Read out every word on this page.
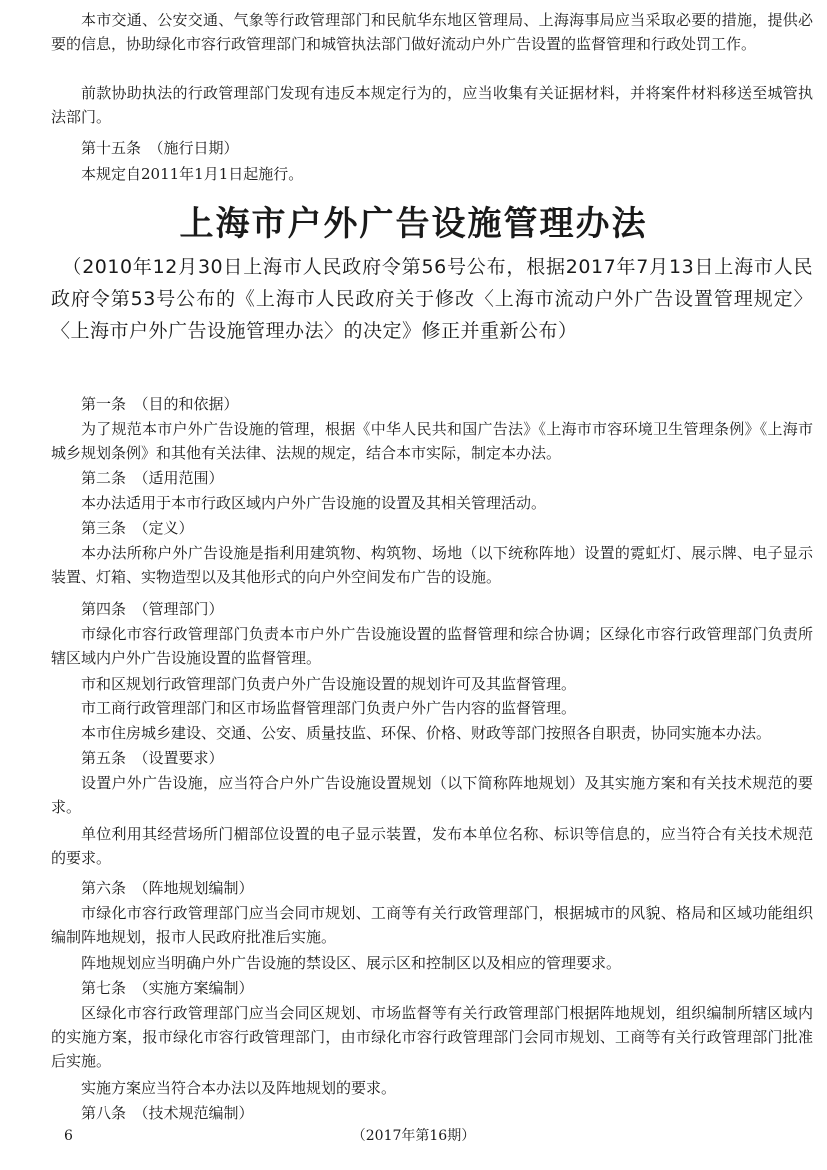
本市交通、公安交通、气象等行政管理部门和民航华东地区管理局、上海海事局应当采取必要的措施，提供必要的信息，协助绿化市容行政管理部门和城管执法部门做好流动户外广告设置的监督管理和行政处罚工作。

前款协助执法的行政管理部门发现有违反本规定行为的，应当收集有关证据材料，并将案件材料移送至城管执法部门。

第十五条　（施行日期）

本规定自2011年1月1日起施行。

上海市户外广告设施管理办法

（2010年12月30日上海市人民政府令第56号公布，根据2017年7月13日上海市人民政府令第53号公布的《上海市人民政府关于修改〈上海市流动户外广告设置管理规定〉〈上海市户外广告设施管理办法〉的决定》修正并重新公布）

第一条　（目的和依据）

为了规范本市户外广告设施的管理，根据《中华人民共和国广告法》《上海市市容环境卫生管理条例》《上海市城乡规划条例》和其他有关法律、法规的规定，结合本市实际，制定本办法。

第二条　（适用范围）

本办法适用于本市行政区域内户外广告设施的设置及其相关管理活动。

第三条　（定义）

本办法所称户外广告设施是指利用建筑物、构筑物、场地（以下统称阵地）设置的霓虹灯、展示牌、电子显示装置、灯箱、实物造型以及其他形式的向户外空间发布广告的设施。

第四条　（管理部门）

市绿化市容行政管理部门负责本市户外广告设施设置的监督管理和综合协调；区绿化市容行政管理部门负责所辖区域内户外广告设施设置的监督管理。

市和区规划行政管理部门负责户外广告设施设置的规划许可及其监督管理。

市工商行政管理部门和区市场监督管理部门负责户外广告内容的监督管理。

本市住房城乡建设、交通、公安、质量技监、环保、价格、财政等部门按照各自职责，协同实施本办法。

第五条　（设置要求）

设置户外广告设施，应当符合户外广告设施设置规划（以下简称阵地规划）及其实施方案和有关技术规范的要求。

单位利用其经营场所门楣部位设置的电子显示装置，发布本单位名称、标识等信息的，应当符合有关技术规范的要求。

第六条　（阵地规划编制）

市绿化市容行政管理部门应当会同市规划、工商等有关行政管理部门，根据城市的风貌、格局和区域功能组织编制阵地规划，报市人民政府批准后实施。

阵地规划应当明确户外广告设施的禁设区、展示区和控制区以及相应的管理要求。

第七条　（实施方案编制）

区绿化市容行政管理部门应当会同区规划、市场监督等有关行政管理部门根据阵地规划，组织编制所辖区域内的实施方案，报市绿化市容行政管理部门，由市绿化市容行政管理部门会同市规划、工商等有关行政管理部门批准后实施。

实施方案应当符合本办法以及阵地规划的要求。

第八条　（技术规范编制）

6	（2017年第16期）
